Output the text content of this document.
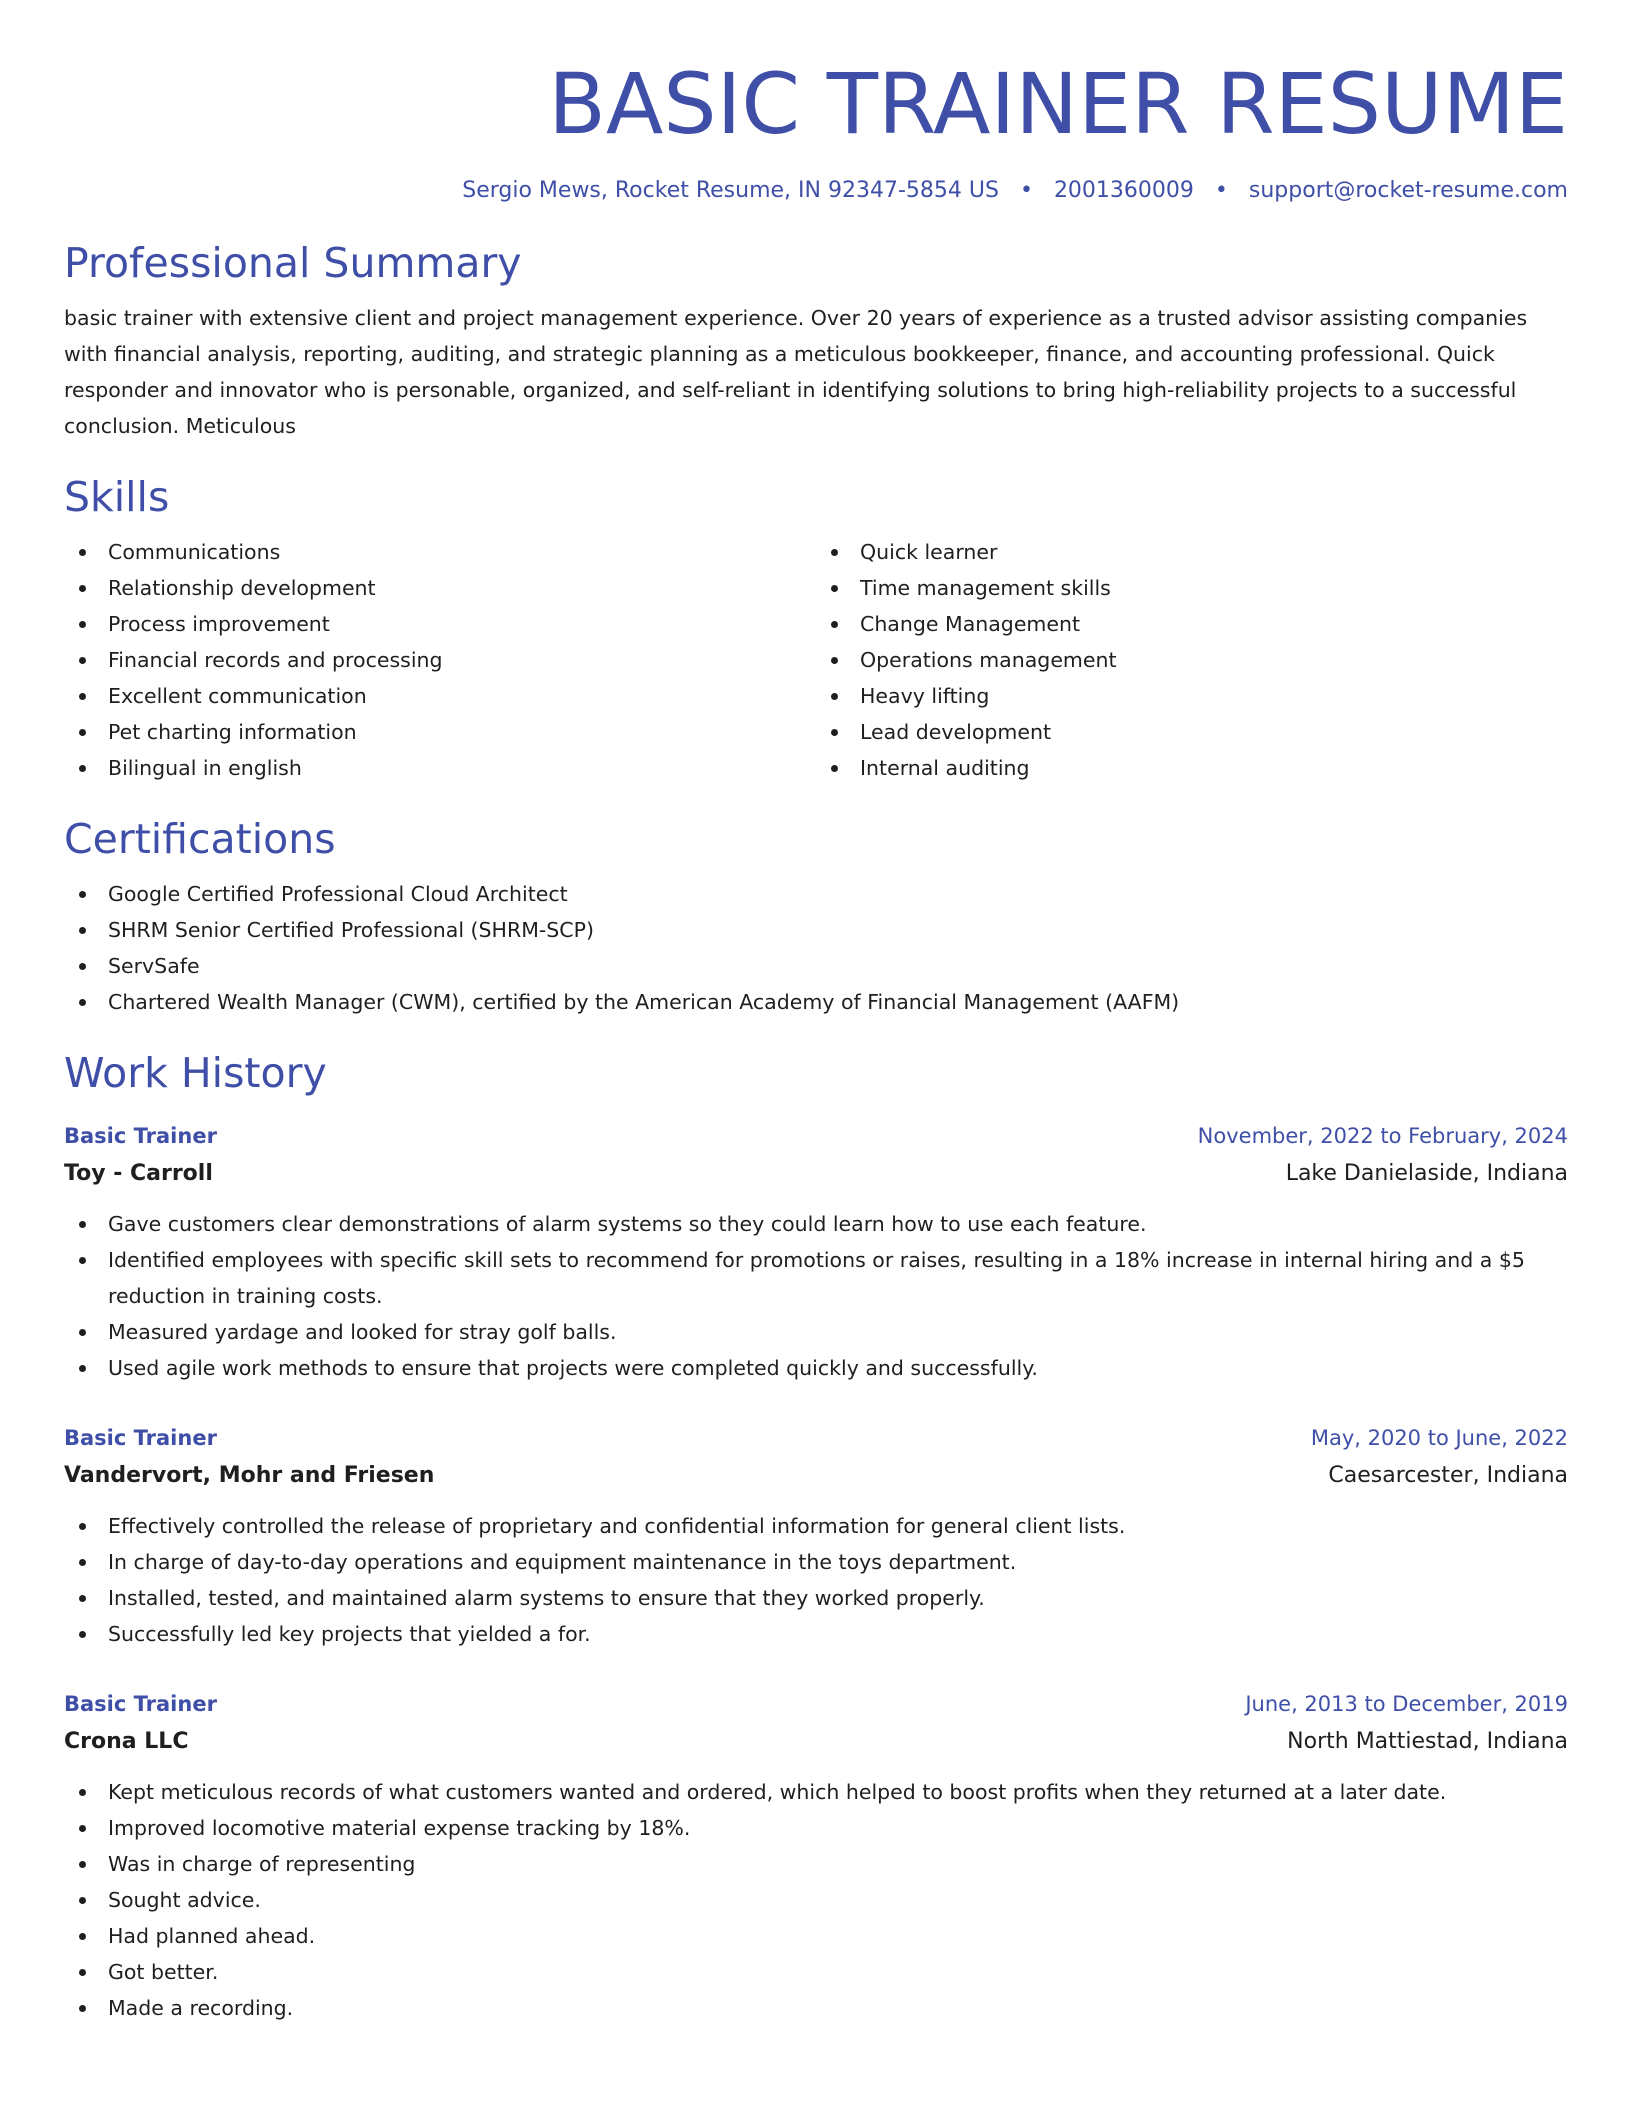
BASIC TRAINER RESUME
Sergio Mews, Rocket Resume, IN 92347-5854 US • 2001360009 • support@rocket-resume.com
Professional Summary

basic trainer with extensive client and project management experience. Over 20 years of experience as a trusted advisor assisting companies with financial analysis, reporting, auditing, and strategic planning as a meticulous bookkeeper, finance, and accounting professional. Quick responder and innovator who is personable, organized, and self-reliant in identifying solutions to bring high-reliability projects to a successful conclusion. Meticulous

Skills
Communications
Relationship development
Process improvement
Financial records and processing
Excellent communication
Pet charting information
Bilingual in english
Quick learner
Time management skills
Change Management
Operations management
Heavy lifting
Lead development
Internal auditing
Certifications
Google Certified Professional Cloud Architect
SHRM Senior Certified Professional (SHRM-SCP)
ServSafe
Chartered Wealth Manager (CWM), certified by the American Academy of Financial Management (AAFM)
Work History
Basic Trainer	November, 2022 to February, 2024
Toy - Carroll	Lake Danielaside, Indiana
Gave customers clear demonstrations of alarm systems so they could learn how to use each feature.
Identified employees with specific skill sets to recommend for promotions or raises, resulting in a 18% increase in internal hiring and a $5 reduction in training costs.
Measured yardage and looked for stray golf balls.
Used agile work methods to ensure that projects were completed quickly and successfully.
Basic Trainer	May, 2020 to June, 2022
Vandervort, Mohr and Friesen	Caesarcester, Indiana
Effectively controlled the release of proprietary and confidential information for general client lists.
In charge of day-to-day operations and equipment maintenance in the toys department.
Installed, tested, and maintained alarm systems to ensure that they worked properly.
Successfully led key projects that yielded a for.
Basic Trainer	June, 2013 to December, 2019
Crona LLC	North Mattiestad, Indiana
Kept meticulous records of what customers wanted and ordered, which helped to boost profits when they returned at a later date.
Improved locomotive material expense tracking by 18%.
Was in charge of representing
Sought advice.
Had planned ahead.
Got better.
Made a recording.
